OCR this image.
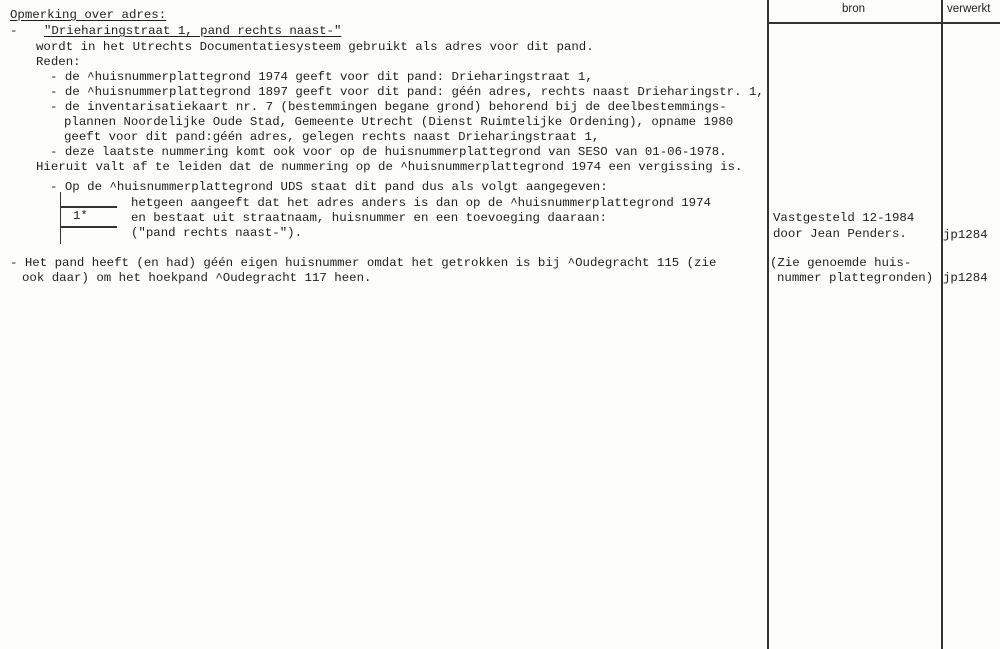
bron	verwerkt
Opmerking over adres:
- "Drieharingstraat 1, pand rechts naast-"
wordt in het Utrechts Documentatiesysteem gebruikt als adres voor dit pand.
Reden:
- de ^huisnummerplattegrond 1974 geeft voor dit pand: Drieharingstraat 1,
- de ^huisnummerplattegrond 1897 geeft voor dit pand: géén adres, rechts naast Drieharingstr. 1,
- de inventarisatiekaart nr. 7 (bestemmingen begane grond) behorend bij de deelbestemmings-
plannen Noordelijke Oude Stad, Gemeente Utrecht (Dienst Ruimtelijke Ordening), opname 1980
geeft voor dit pand:géén adres, gelegen rechts naast Drieharingstraat 1,
- deze laatste nummering komt ook voor op de huisnummerplattegrond van SESO van 01-06-1978.
Hieruit valt af te leiden dat de nummering op de ^huisnummerplattegrond 1974 een vergissing is.
- Op de ^huisnummerplattegrond UDS staat dit pand dus als volgt aangegeven:
1*
hetgeen aangeeft dat het adres anders is dan op de ^huisnummerplattegrond 1974
en bestaat uit straatnaam, huisnummer en een toevoeging daaraan:
("pand rechts naast-").
- Het pand heeft (en had) géén eigen huisnummer omdat het getrokken is bij ^Oudegracht 115 (zie
ook daar) om het hoekpand ^Oudegracht 117 heen.
Vastgesteld 12-1984
door Jean Penders.
(Zie genoemde huis-
nummer plattegronden)
jp1284
jp1284
